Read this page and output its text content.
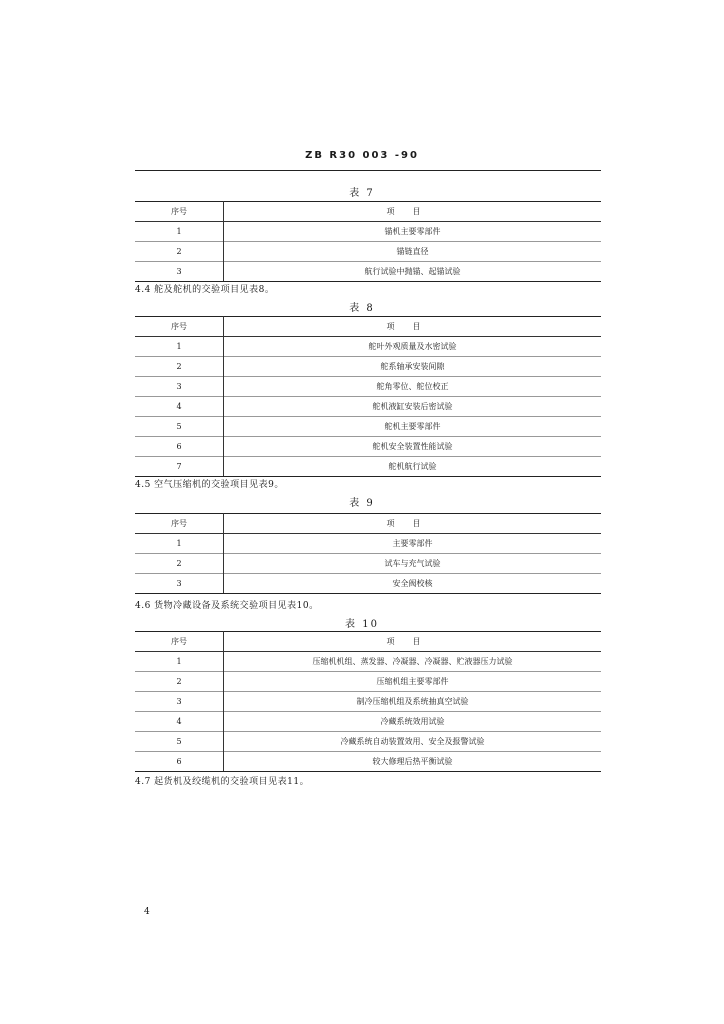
ZB R30 003 -90
表 7
序号	项目
1	锚机主要零部件
2	锚链直径
3	航行试验中抛锚、起锚试验
4.4 舵及舵机的交验项目见表8。
表 8
序号	项目
1	舵叶外观质量及水密试验
2	舵系轴承安装间隙
3	舵角零位、舵位校正
4	舵机液缸安装后密试验
5	舵机主要零部件
6	舵机安全装置性能试验
7	舵机航行试验
4.5 空气压缩机的交验项目见表9。
表 9
序号	项目
1	主要零部件
2	试车与充气试验
3	安全阀校核
4.6 货物冷藏设备及系统交验项目见表10。
表 10
序号	项目
1	压缩机机组、蒸发器、冷凝器、冷凝器、贮液器压力试验
2	压缩机组主要零部件
3	制冷压缩机组及系统抽真空试验
4	冷藏系统效用试验
5	冷藏系统自动装置效用、安全及报警试验
6	较大修理后热平衡试验
4.7 起货机及绞缆机的交验项目见表11。
4
